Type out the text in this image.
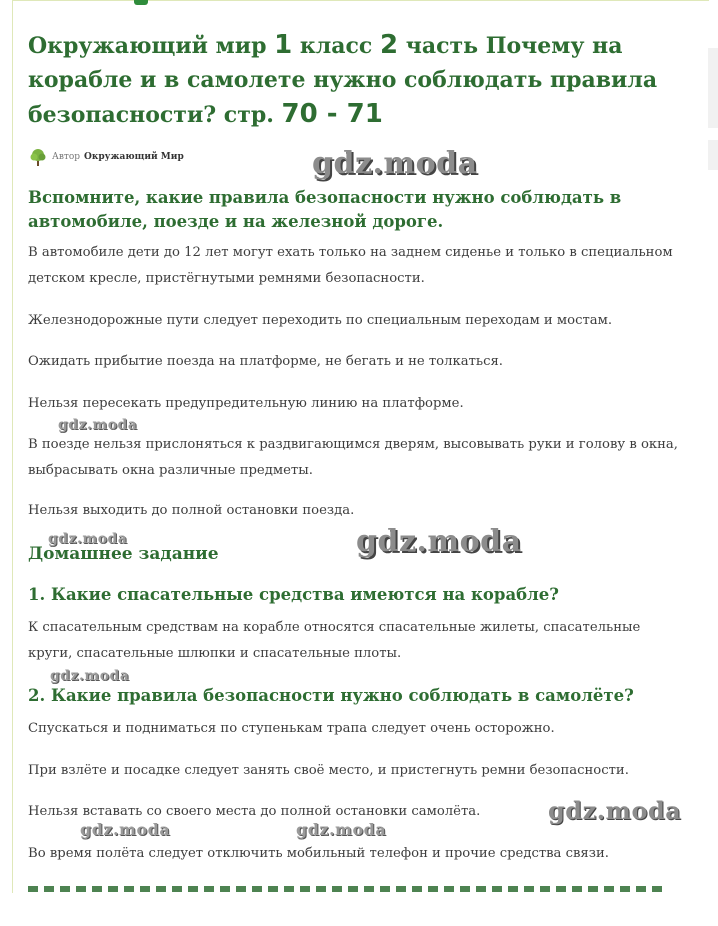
Окружающий мир 1 класс 2 часть Почему на корабле и в самолете нужно соблюдать правила безопасности? стр. 70 - 71
Автор Окружающий Мир
Вспомните, какие правила безопасности нужно соблюдать в автомобиле, поезде и на железной дороге.

В автомобиле дети до 12 лет могут ехать только на заднем сиденье и только в специальном детском кресле, пристёгнутыми ремнями безопасности.

Железнодорожные пути следует переходить по специальным переходам и мостам.

Ожидать прибытие поезда на платформе, не бегать и не толкаться.

Нельзя пересекать предупредительную линию на платформе.

В поезде нельзя прислоняться к раздвигающимся дверям, высовывать руки и голову в окна, выбрасывать окна различные предметы.

Нельзя выходить до полной остановки поезда.

Домашнее задание
1. Какие спасательные средства имеются на корабле?

К спасательным средствам на корабле относятся спасательные жилеты, спасательные круги, спасательные шлюпки и спасательные плоты.

2. Какие правила безопасности нужно соблюдать в самолёте?

Спускаться и подниматься по ступенькам трапа следует очень осторожно.

При взлёте и посадке следует занять своё место, и пристегнуть ремни безопасности.

Нельзя вставать со своего места до полной остановки самолёта.

Во время полёта следует отключить мобильный телефон и прочие средства связи.

gdz.moda
gdz.moda
gdz.moda
gdz.moda
gdz.moda
gdz.moda
gdz.moda	gdz.moda
